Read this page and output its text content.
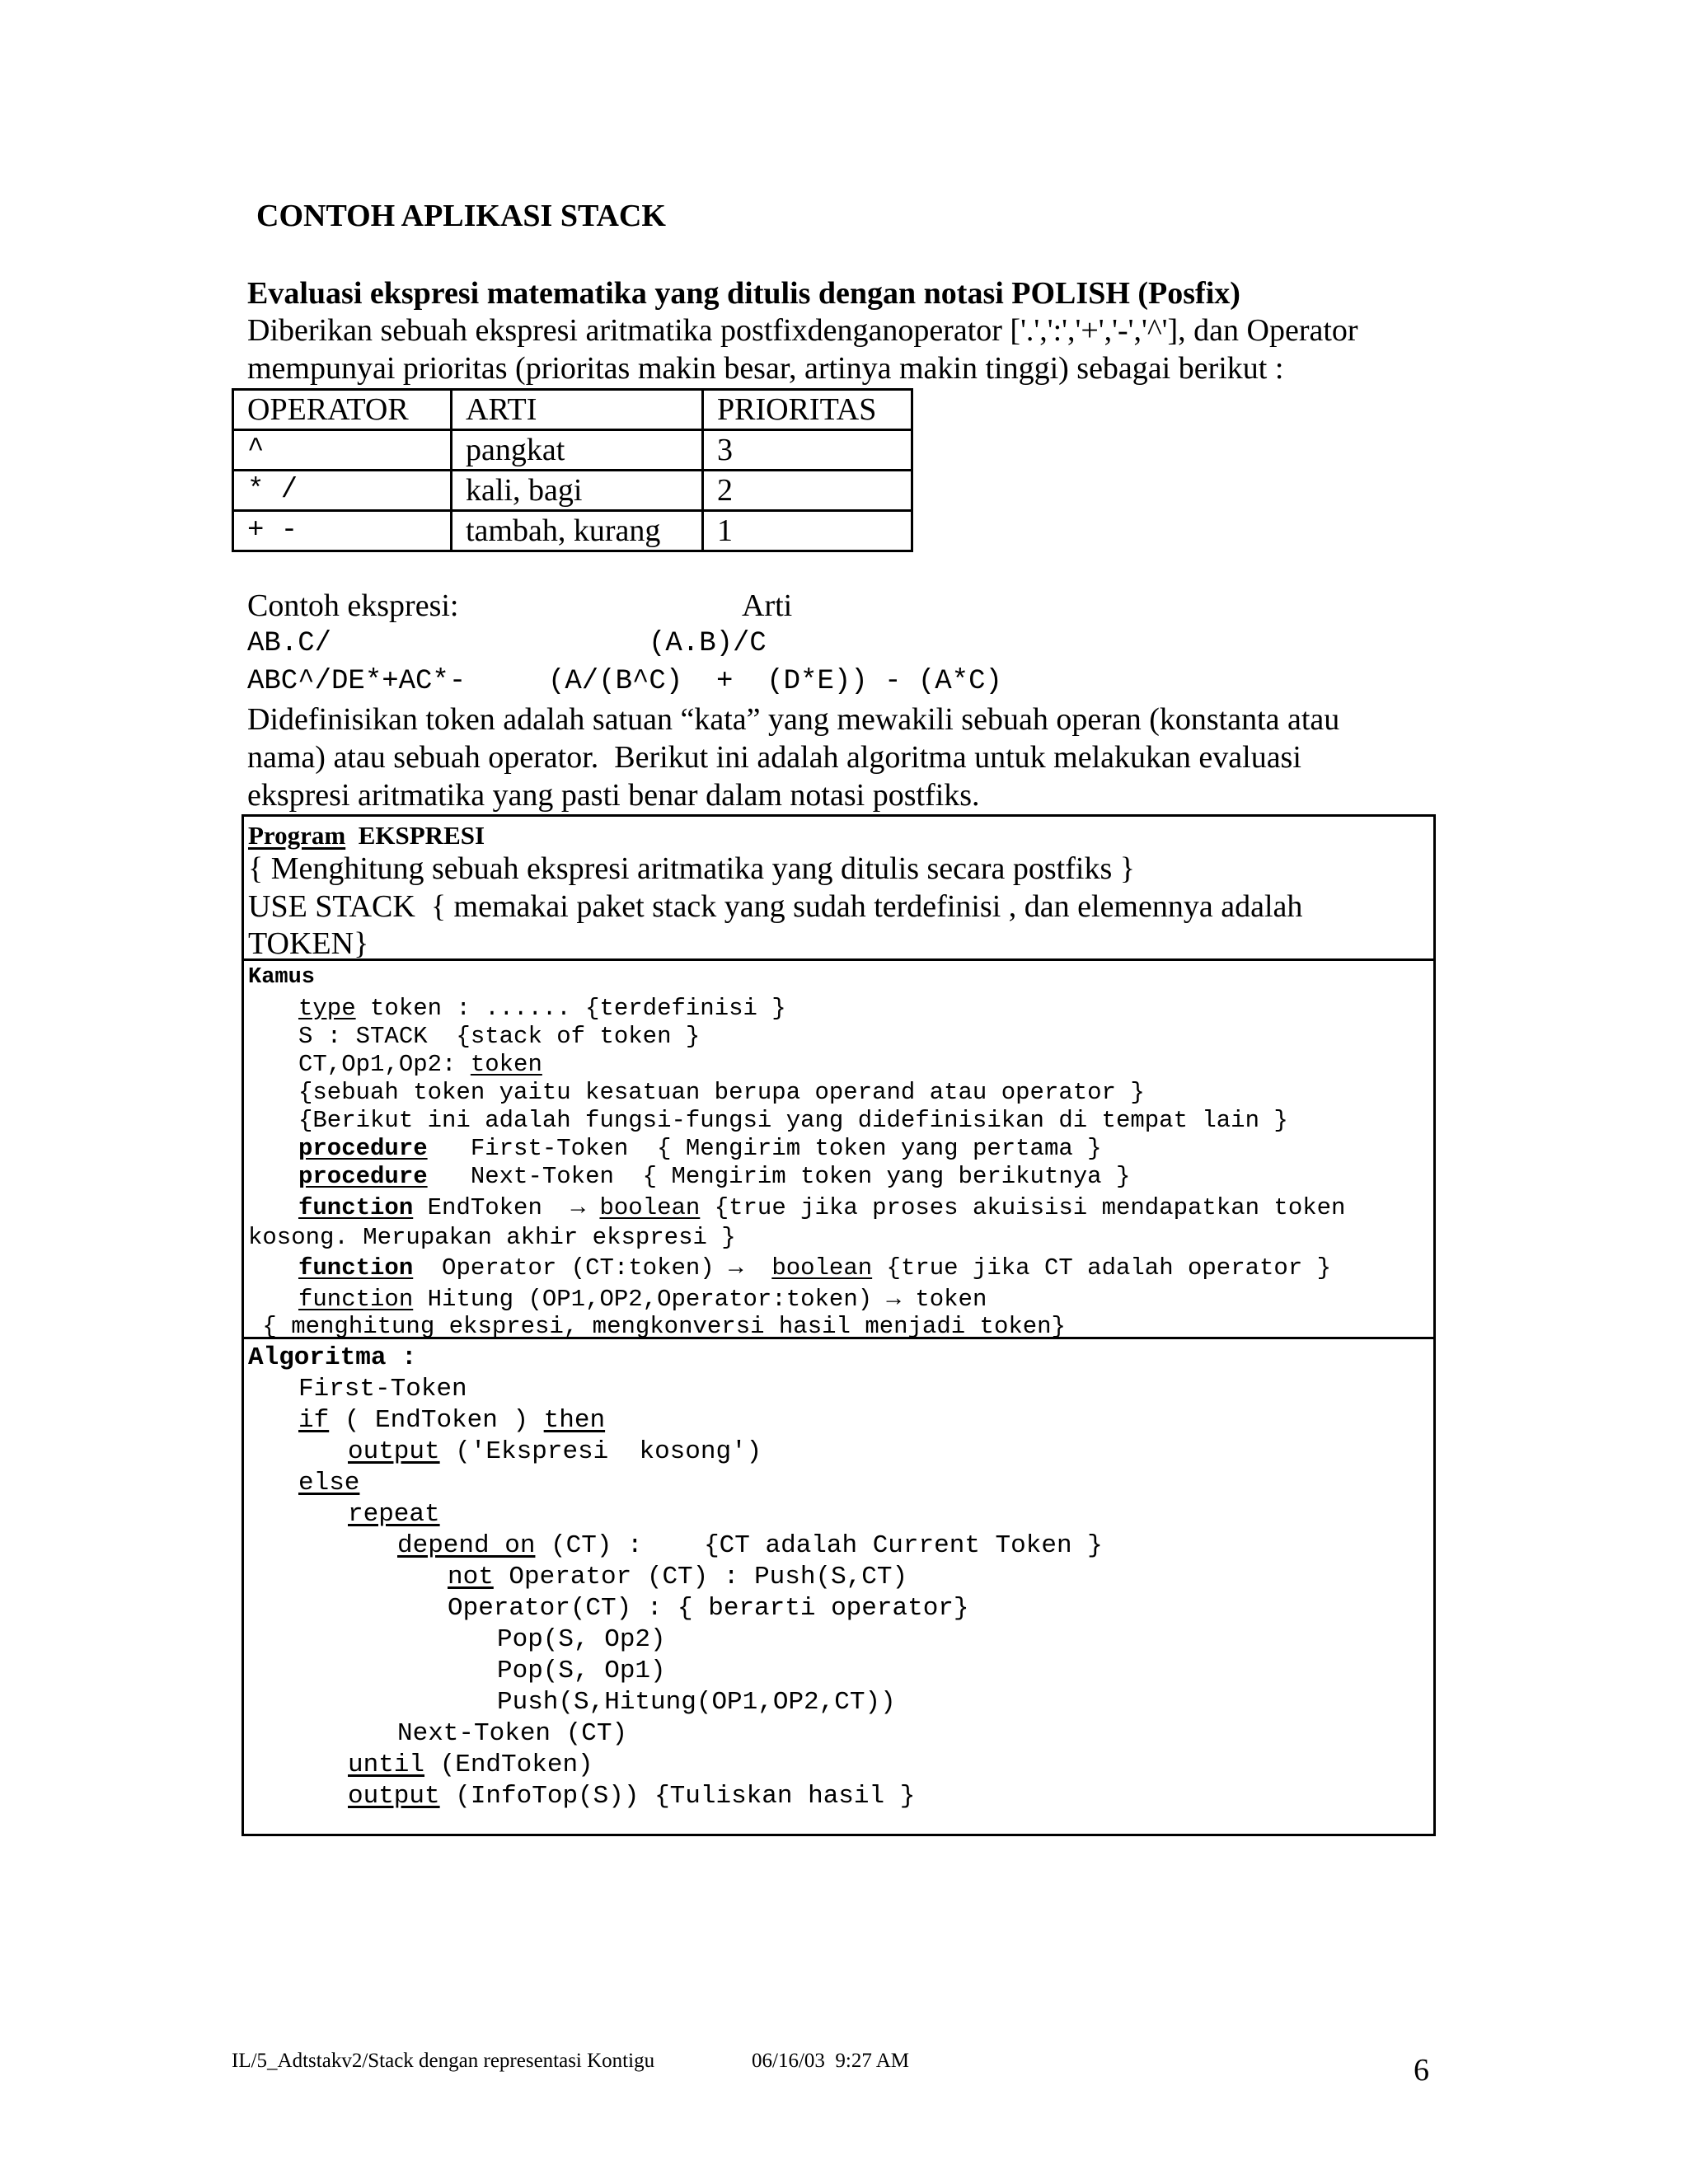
CONTOH APLIKASI STACK
Evaluasi ekspresi matematika yang ditulis dengan notasi POLISH (Posfix)
Diberikan sebuah ekspresi aritmatika postfixdenganoperator ['.',':','+','-','^'], dan Operator
mempunyai prioritas (prioritas makin besar, artinya makin tinggi) sebagai berikut :
OPERATOR	ARTI	PRIORITAS
^	pangkat	3
* /	kali, bagi	2
+ -	tambah, kurang	1
Contoh ekspresi:	Arti
AB.C/	(A.B)/C
ABC^/DE*+AC*-	(A/(B^C)  +  (D*E)) - (A*C)
Didefinisikan token adalah satuan “kata” yang mewakili sebuah operan (konstanta atau
nama) atau sebuah operator.  Berikut ini adalah algoritma untuk melakukan evaluasi
ekspresi aritmatika yang pasti benar dalam notasi postfiks.
Program EKSPRESI
{ Menghitung sebuah ekspresi aritmatika yang ditulis secara postfiks }
USE STACK  { memakai paket stack yang sudah terdefinisi , dan elemennya adalah
TOKEN}
Kamus
type token : ...... {terdefinisi }
S : STACK  {stack of token }
CT,Op1,Op2: token
{sebuah token yaitu kesatuan berupa operand atau operator }
{Berikut ini adalah fungsi-fungsi yang didefinisikan di tempat lain }
procedure   First-Token  { Mengirim token yang pertama }
procedure   Next-Token  { Mengirim token yang berikutnya }
function EndToken  → boolean {true jika proses akuisisi mendapatkan token
kosong. Merupakan akhir ekspresi }
function  Operator (CT:token) →  boolean {true jika CT adalah operator }
function Hitung (OP1,OP2,Operator:token) → token
{ menghitung ekspresi, mengkonversi hasil menjadi token}
Algoritma :
First-Token
if ( EndToken ) then
output ('Ekspresi  kosong')
else
repeat
depend on (CT) :    {CT adalah Current Token }
not Operator (CT) : Push(S,CT)
Operator(CT) : { berarti operator}
Pop(S, Op2)
Pop(S, Op1)
Push(S,Hitung(OP1,OP2,CT))
Next-Token (CT)
until (EndToken)
output (InfoTop(S)) {Tuliskan hasil }
IL/5_Adtstakv2/Stack dengan representasi Kontigu	06/16/03  9:27 AM	6
